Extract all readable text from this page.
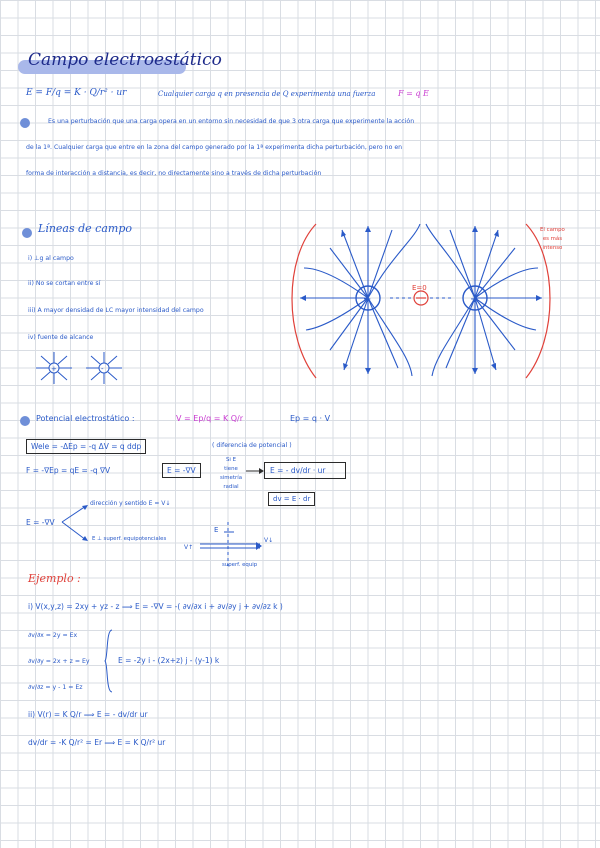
Campo electroestático
E = F/q = K · Q/r² · ur	Cualquier carga q en presencia de Q experimenta una fuerza	F = q E
Es una perturbación que una carga opera en un entorno sin necesidad de que 3 otra carga que experimente la acción
de la 1ª. Cualquier carga que entre en la zona del campo generado por la 1ª experimenta dicha perturbación, pero no en
forma de interacción a distancia, es decir, no directamente sino a través de dicha perturbación
Líneas de campo
i) ⊥g al campo
ii) No se cortan entre sí
iii) A mayor densidad de LC mayor intensidad del campo
iv) fuente de alcance
+	-
+	+
E=0
El campo
es más
intenso
Potencial electrostático :	V = Ep/q = K Q/r	Ep = q · V
Wele = -ΔEp = -q ΔV = q ddp	( diferencia de potencial )
F = -∇Ep = qE = -q ∇V	E = -∇V
Si E
tiene
simetría
radial
E = - dv/dr · ur
dv = E · dr
E = -∇V
dirección y sentido E = V↓
E ⊥ superf. equipotenciales
E
V↑
V↓
superf. equip
Ejemplo :
i) V(x,y,z) = 2xy + yz - z ⟹ E = -∇V = -( ∂v/∂x i + ∂v/∂y j + ∂v/∂z k )
∂v/∂x = 2y = Ex
∂v/∂y = 2x + z = Ey
∂v/∂z = y - 1 = Ez
E = -2y i - (2x+z) j - (y-1) k
ii) V(r) = K Q/r ⟹ E = - dv/dr ur
dv/dr = -K Q/r² = Er ⟹ E = K Q/r² ur
